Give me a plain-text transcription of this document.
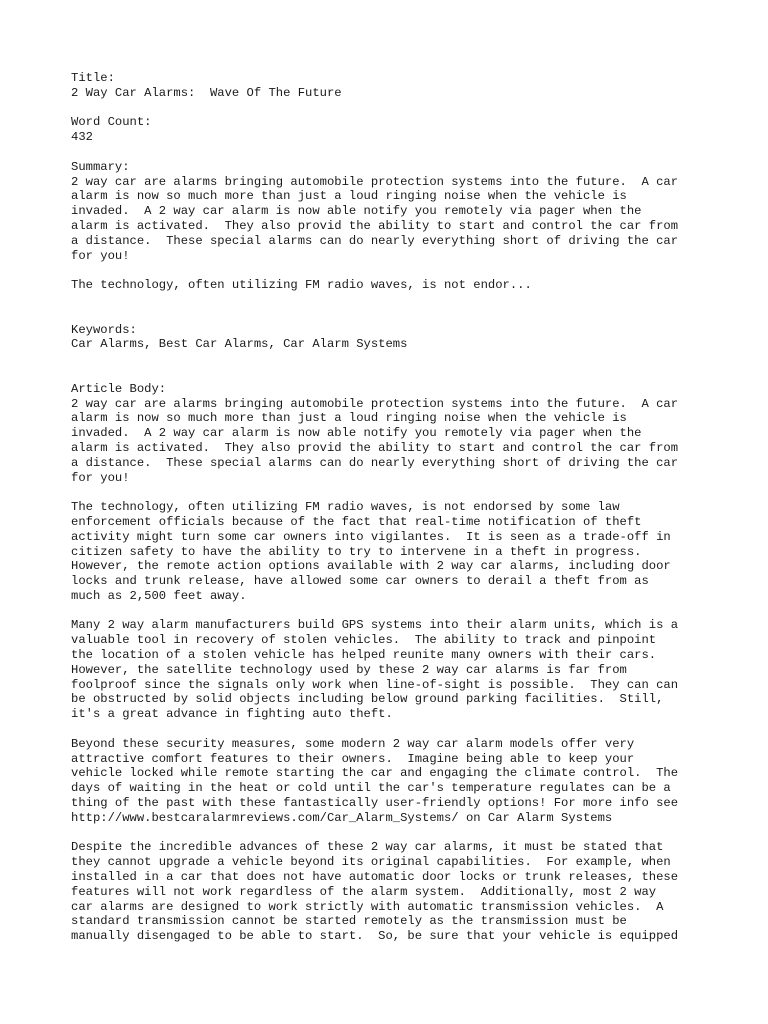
Title:
2 Way Car Alarms:  Wave Of The Future
Word Count:
432
Summary:
2 way car are alarms bringing automobile protection systems into the future.  A car
alarm is now so much more than just a loud ringing noise when the vehicle is
invaded.  A 2 way car alarm is now able notify you remotely via pager when the
alarm is activated.  They also provid the ability to start and control the car from
a distance.  These special alarms can do nearly everything short of driving the car
for you!
The technology, often utilizing FM radio waves, is not endor...
Keywords:
Car Alarms, Best Car Alarms, Car Alarm Systems
Article Body:
2 way car are alarms bringing automobile protection systems into the future.  A car
alarm is now so much more than just a loud ringing noise when the vehicle is
invaded.  A 2 way car alarm is now able notify you remotely via pager when the
alarm is activated.  They also provid the ability to start and control the car from
a distance.  These special alarms can do nearly everything short of driving the car
for you!
The technology, often utilizing FM radio waves, is not endorsed by some law
enforcement officials because of the fact that real-time notification of theft
activity might turn some car owners into vigilantes.  It is seen as a trade-off in
citizen safety to have the ability to try to intervene in a theft in progress.
However, the remote action options available with 2 way car alarms, including door
locks and trunk release, have allowed some car owners to derail a theft from as
much as 2,500 feet away.
Many 2 way alarm manufacturers build GPS systems into their alarm units, which is a
valuable tool in recovery of stolen vehicles.  The ability to track and pinpoint
the location of a stolen vehicle has helped reunite many owners with their cars.
However, the satellite technology used by these 2 way car alarms is far from
foolproof since the signals only work when line-of-sight is possible.  They can can
be obstructed by solid objects including below ground parking facilities.  Still,
it's a great advance in fighting auto theft.
Beyond these security measures, some modern 2 way car alarm models offer very
attractive comfort features to their owners.  Imagine being able to keep your
vehicle locked while remote starting the car and engaging the climate control.  The
days of waiting in the heat or cold until the car's temperature regulates can be a
thing of the past with these fantastically user-friendly options! For more info see
http://www.bestcaralarmreviews.com/Car_Alarm_Systems/ on Car Alarm Systems
Despite the incredible advances of these 2 way car alarms, it must be stated that
they cannot upgrade a vehicle beyond its original capabilities.  For example, when
installed in a car that does not have automatic door locks or trunk releases, these
features will not work regardless of the alarm system.  Additionally, most 2 way
car alarms are designed to work strictly with automatic transmission vehicles.  A
standard transmission cannot be started remotely as the transmission must be
manually disengaged to be able to start.  So, be sure that your vehicle is equipped
